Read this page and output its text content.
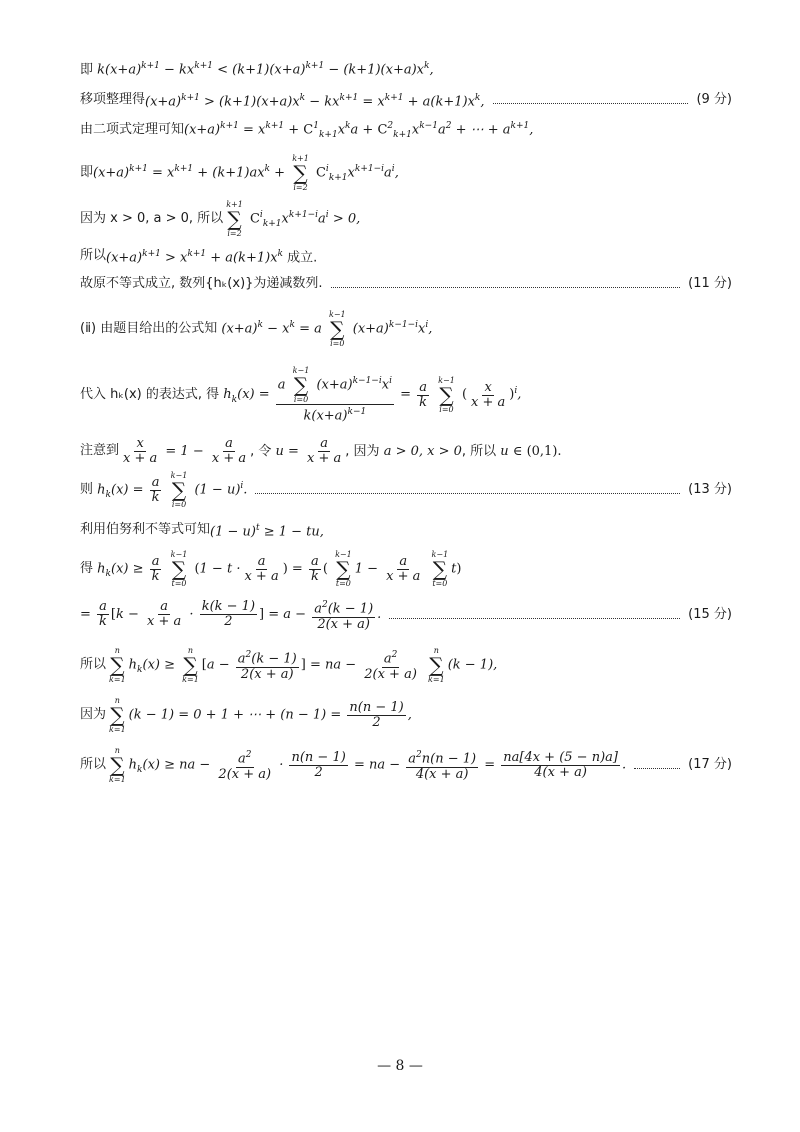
即 $k(x+a)^{k+1} - kx^{k+1} < (k+1)(x+a)^{k+1} - (k+1)(x+a)x^k$,
移项整理得 $(x+a)^{k+1} > (k+1)(x+a)x^k - kx^{k+1} = x^{k+1} + a(k+1)x^k$,	(9 分)
由二项式定理可知 $(x+a)^{k+1} = x^{k+1} + C^1_{k+1}x^ka + C^2_{k+1}x^{k-1}a^2$ + ⋯ + $a^{k+1}$,
即 $(x+a)^{k+1} = x^{k+1} + (k+1)ax^k$ +
k+1
∑
i=2
$C^i_{k+1}x^{k+1-i}a^i$,
因为 x > 0, a > 0, 所以
k+1
∑
i=2
$C^i_{k+1}x^{k+1-i}a^i > 0$,
所以 $(x+a)^{k+1} > x^{k+1} + a(k+1)x^k$ 成立.
故原不等式成立, 数列{hₖ(x)}为递减数列.	(11 分)
(ⅱ) 由题目给出的公式知 $(x+a)^k - x^k = a$
k−1
∑
i=0
$(x+a)^{k-1-i}x^i$,
代入 hₖ(x) 的表达式, 得 $h_k(x) = a$
k−1
∑
i=0
$(x+a)^{k-1-i}x^i$
$k(x+a)^{k-1} = \frac{a}{k}$
k−1
∑
i=0
( $\frac{x}{x + a} )^i$,
注意到 $\frac{x}{x + a} = 1 - \frac{a}{x + a}$ , 令 $u = \frac{a}{x + a}$ , 因为 a > 0, x > 0, 所以 u ∈ (0,1).
则 $h_k(x) = \frac{a}{k}$
k−1
∑
i=0
$(1 - u)^i$.	(13 分)
利用伯努利不等式可知 $(1 - u)^t \ge 1$ − tu,
得 $h_k(x) \ge \frac{a}{k}$
k−1
∑
t=0
($1 - t \cdot \frac{a}{x + a}$ ) = $\frac{a}{k}$ (
k−1
∑
t=0
$1 - \frac{a}{x + a}$
k−1
∑
t=0
t)
= $\frac{a}{k} [k - \frac{a}{x + a} \cdot \frac{k(k - 1)}{2}$ ] = $a - \frac{a^2(k - 1)}{2(x + a)}$ .	(15 分)
所以
n
∑
k=1
$h_k(x)$ ≥
n
∑
k=1
[$a - \frac{a^2(k - 1)}{2(x + a)}$ ] = na − $\frac{a^2}{2(x + a)}$
n
∑
k=1
(k − 1),
因为
n
∑
k=1
(k − 1) = 0 + 1 + ⋯ + $(n - 1) = \frac{n(n - 1)}{2}$ ,
所以
n
∑
k=1
$h_k(x)$ ≥ na − $\frac{a^2}{2(x + a)} \cdot \frac{n(n - 1)}{2}$ = na − $\frac{a^2n(n - 1)}{4(x + a)} = \frac{na[4x + (5 - n)a]}{4(x + a)}$ .	(17 分)
— 8 —
